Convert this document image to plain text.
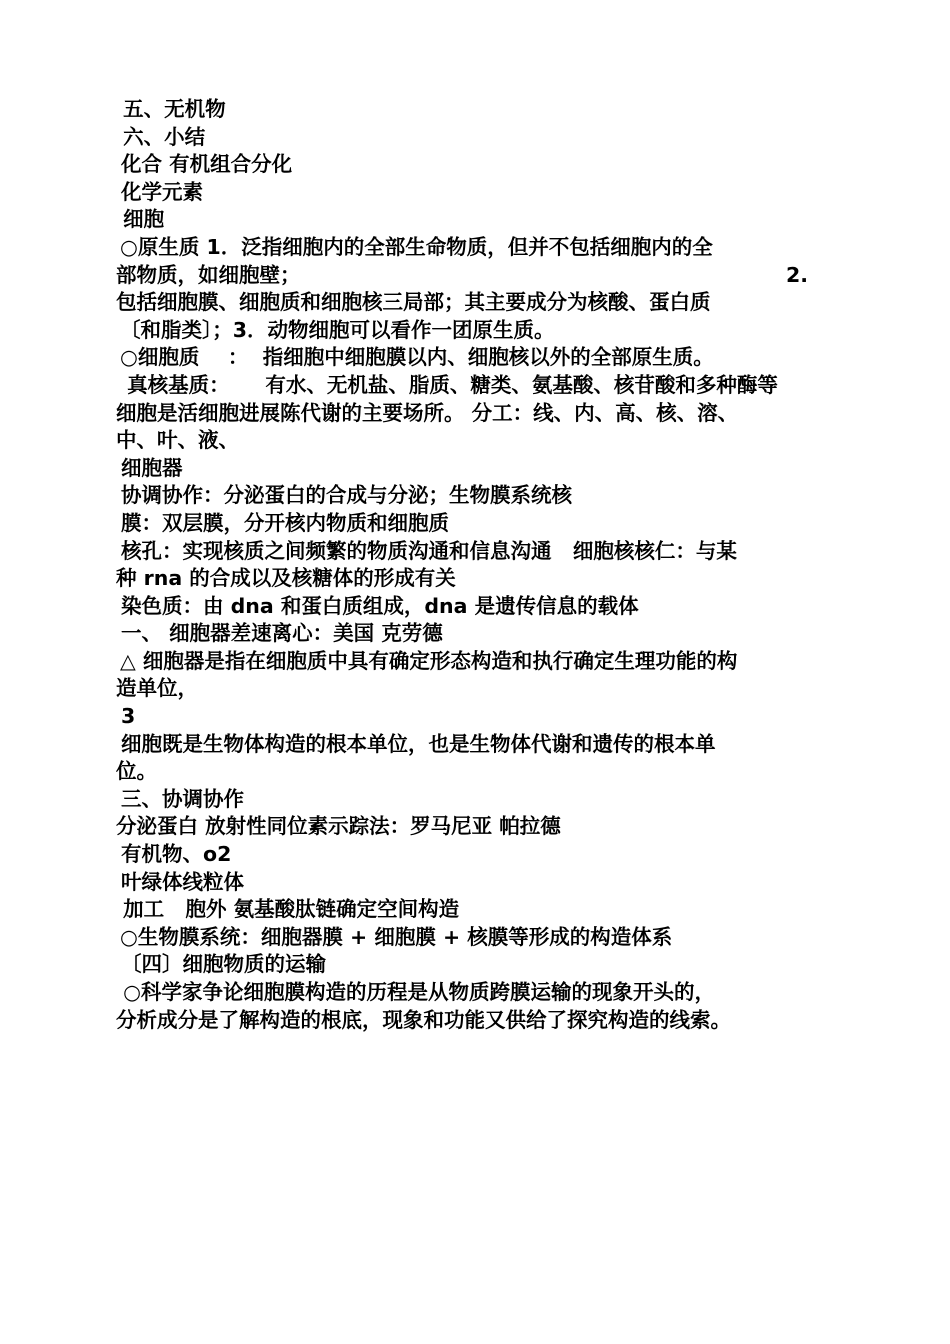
五、无机物
六、小结
化合 有机组合分化
化学元素
细胞
○原生质 1．泛指细胞内的全部生命物质，但并不包括细胞内的全
部物质，如细胞壁；	2.
包括细胞膜、细胞质和细胞核三局部；其主要成分为核酸、蛋白质
〔和脂类〕；3．动物细胞可以看作一团原生质。
○细胞质    ：  指细胞中细胞膜以内、细胞核以外的全部原生质。
真核基质：     有水、无机盐、脂质、糖类、氨基酸、核苷酸和多种酶等
细胞是活细胞进展陈代谢的主要场所。 分工：线、内、高、核、溶、
中、叶、液、
细胞器
协调协作：分泌蛋白的合成与分泌；生物膜系统核
膜：双层膜，分开核内物质和细胞质
核孔：实现核质之间频繁的物质沟通和信息沟通   细胞核核仁：与某
种 rna 的合成以及核糖体的形成有关
染色质：由 dna 和蛋白质组成，dna 是遗传信息的载体
一、 细胞器差速离心：美国 克劳德
△ 细胞器是指在细胞质中具有确定形态构造和执行确定生理功能的构
造单位，
3
细胞既是生物体构造的根本单位，也是生物体代谢和遗传的根本单
位。
三、协调协作
分泌蛋白 放射性同位素示踪法：罗马尼亚 帕拉德
有机物、o2
叶绿体线粒体
加工   胞外 氨基酸肽链确定空间构造
○生物膜系统：细胞器膜 + 细胞膜 + 核膜等形成的构造体系
〔四〕细胞物质的运输
○科学家争论细胞膜构造的历程是从物质跨膜运输的现象开头的，
分析成分是了解构造的根底，现象和功能又供给了探究构造的线索。
